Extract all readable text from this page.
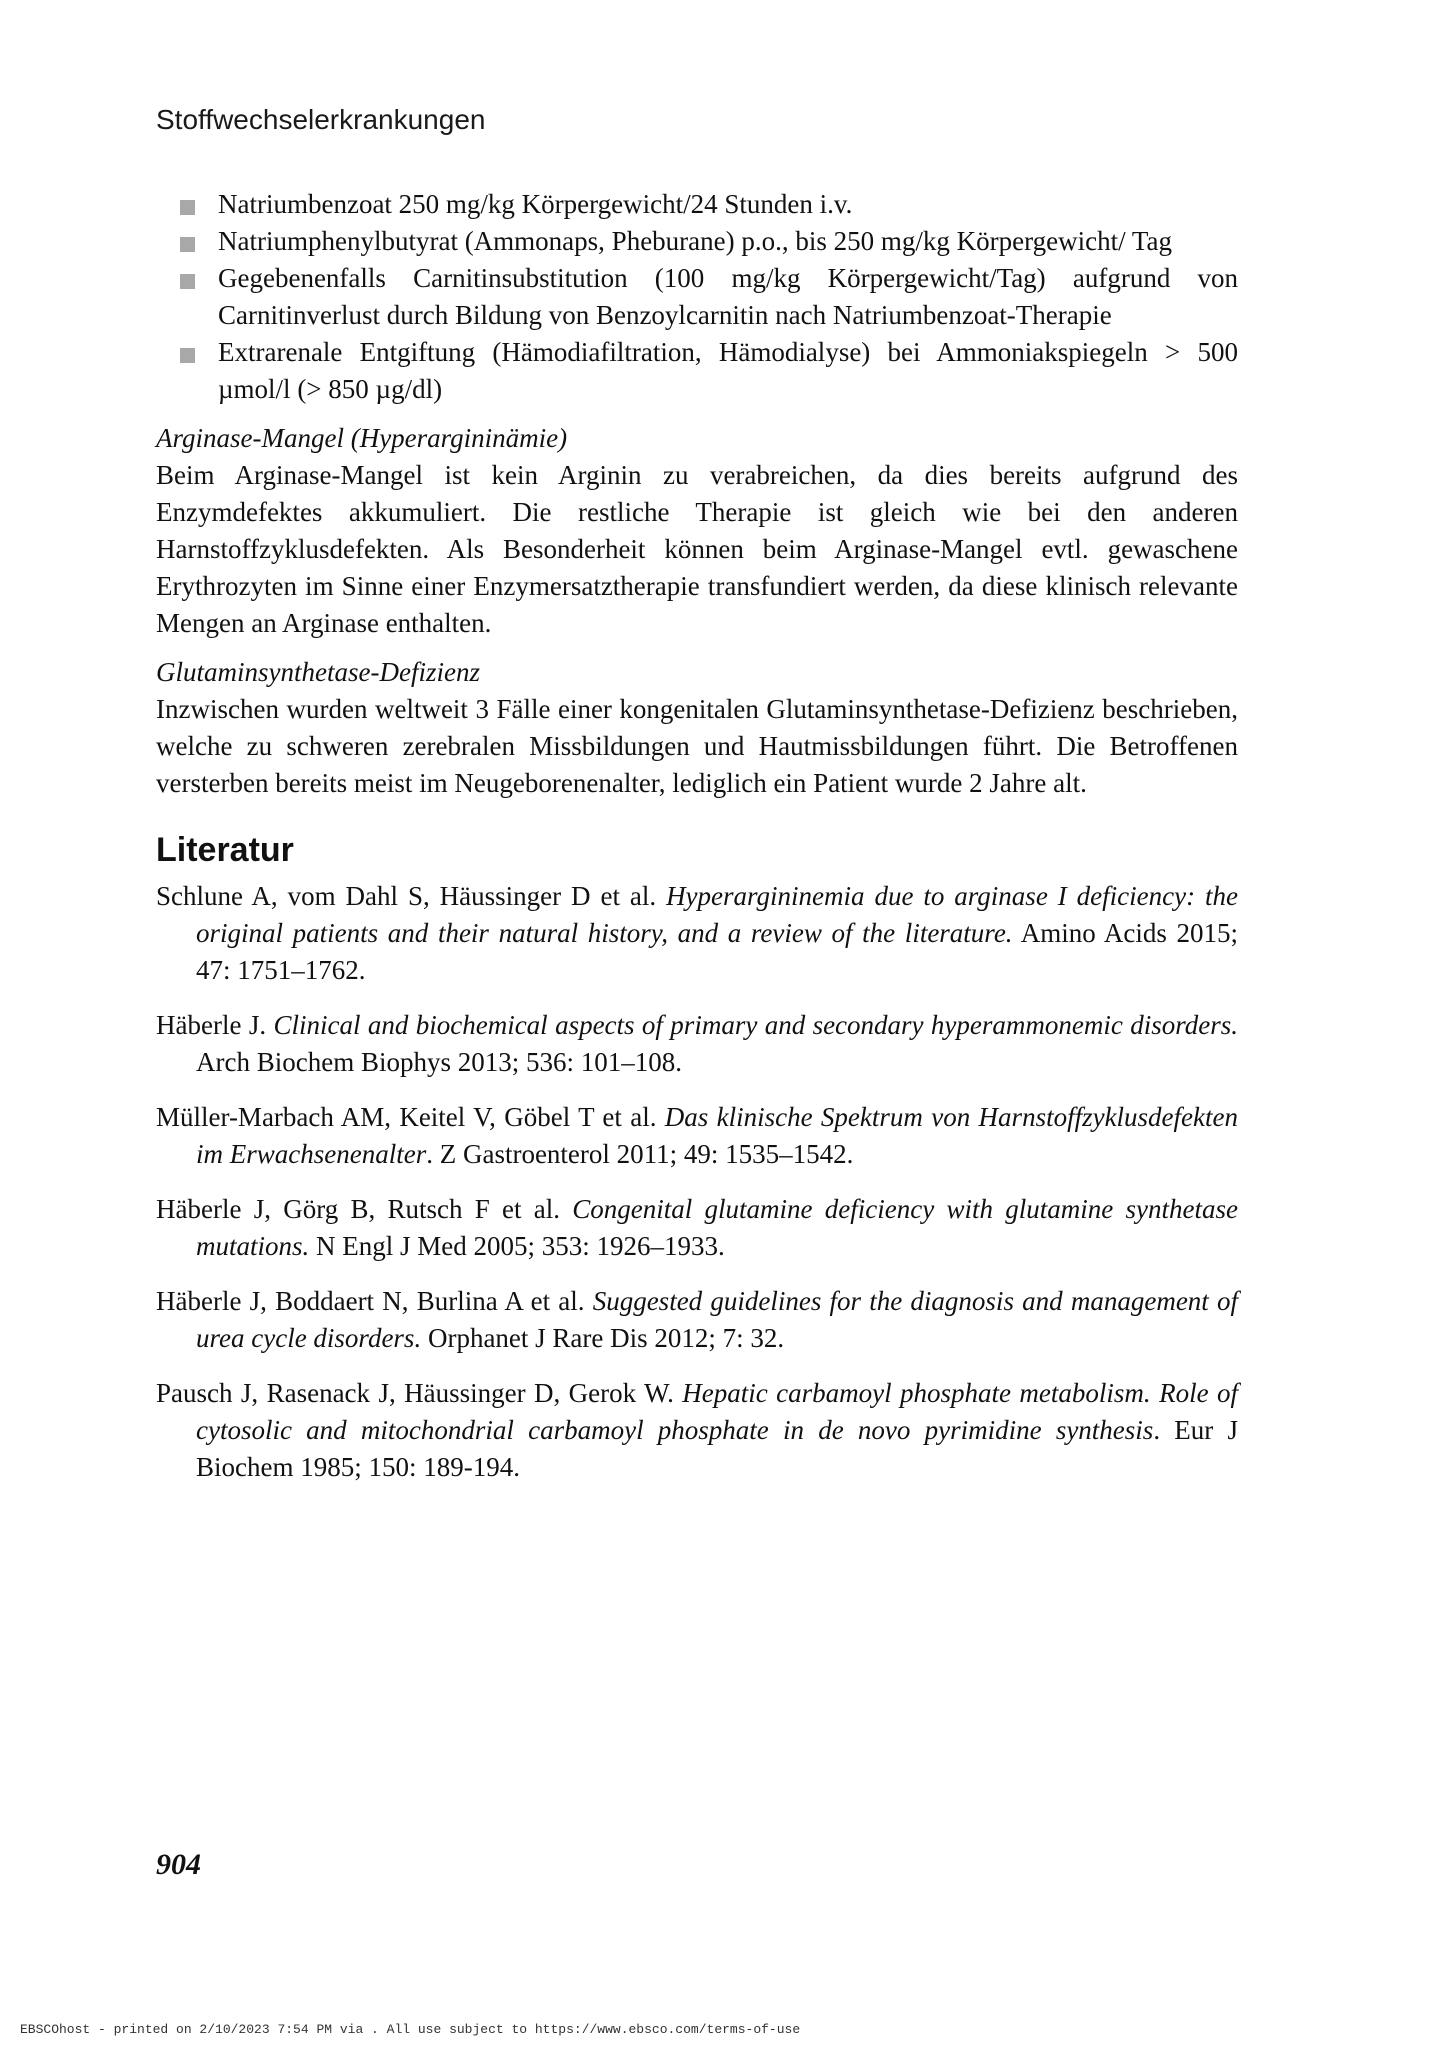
Stoffwechselerkrankungen
Natriumbenzoat 250 mg/kg Körpergewicht/24 Stunden i.v.
Natriumphenylbutyrat (Ammonaps, Pheburane) p.o., bis 250 mg/kg Körpergewicht/ Tag
Gegebenenfalls Carnitinsubstitution (100 mg/kg Körpergewicht/Tag) aufgrund von Carnitinverlust durch Bildung von Benzoylcarnitin nach Natriumbenzoat-Therapie
Extrarenale Entgiftung (Hämodiafiltration, Hämodialyse) bei Ammoniakspiegeln > 500 µmol/l (> 850 µg/dl)
Arginase-Mangel (Hyperargininämie)
Beim Arginase-Mangel ist kein Arginin zu verabreichen, da dies bereits aufgrund des Enzymdefektes akkumuliert. Die restliche Therapie ist gleich wie bei den anderen Harnstoffzyklusdefekten. Als Besonderheit können beim Arginase-Mangel evtl. gewaschene Erythrozyten im Sinne einer Enzymersatztherapie transfundiert werden, da diese klinisch relevante Mengen an Arginase enthalten.
Glutaminsynthetase-Defizienz
Inzwischen wurden weltweit 3 Fälle einer kongenitalen Glutaminsynthetase-Defizienz beschrieben, welche zu schweren zerebralen Missbildungen und Hautmissbildungen führt. Die Betroffenen versterben bereits meist im Neugeborenenalter, lediglich ein Patient wurde 2 Jahre alt.
Literatur
Schlune A, vom Dahl S, Häussinger D et al. Hyperargininemia due to arginase I deficiency: the original patients and their natural history, and a review of the literature. Amino Acids 2015; 47: 1751–1762.
Häberle J. Clinical and biochemical aspects of primary and secondary hyperammonemic disorders. Arch Biochem Biophys 2013; 536: 101–108.
Müller-Marbach AM, Keitel V, Göbel T et al. Das klinische Spektrum von Harnstoffzyklusdefekten im Erwachsenenalter. Z Gastroenterol 2011; 49: 1535–1542.
Häberle J, Görg B, Rutsch F et al. Congenital glutamine deficiency with glutamine synthetase mutations. N Engl J Med 2005; 353: 1926–1933.
Häberle J, Boddaert N, Burlina A et al. Suggested guidelines for the diagnosis and management of urea cycle disorders. Orphanet J Rare Dis 2012; 7: 32.
Pausch J, Rasenack J, Häussinger D, Gerok W. Hepatic carbamoyl phosphate metabolism. Role of cytosolic and mitochondrial carbamoyl phosphate in de novo pyrimidine synthesis. Eur J Biochem 1985; 150: 189-194.
904
EBSCOhost - printed on 2/10/2023 7:54 PM via . All use subject to https://www.ebsco.com/terms-of-use
